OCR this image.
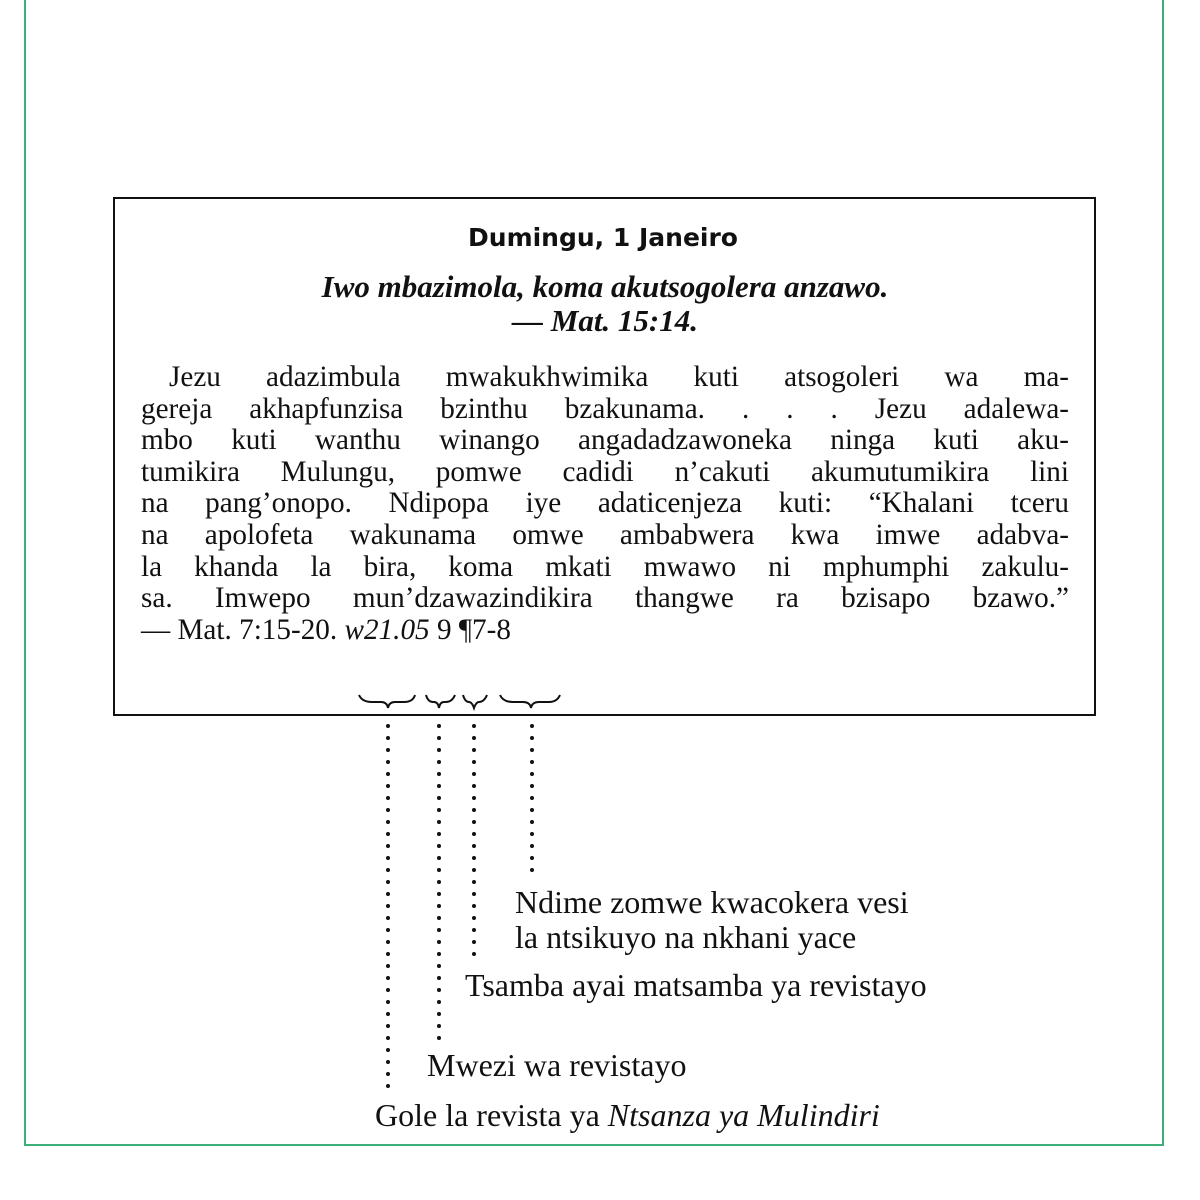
Dumingu, 1 Janeiro
Iwo mbazimola, koma akutsogolera anzawo.
— Mat. 15:14.
Jezu adazimbula mwakukhwimika kuti atsogoleri wa ma-
gereja akhapfunzisa bzinthu bzakunama. . . . Jezu adalewa-
mbo kuti wanthu winango angadadzawoneka ninga kuti aku-
tumikira Mulungu, pomwe cadidi n’cakuti akumutumikira lini
na pang’onopo. Ndipopa iye adaticenjeza kuti: “Khalani tceru
na apolofeta wakunama omwe ambabwera kwa imwe adabva-
la khanda la bira, koma mkati mwawo ni mphumphi zakulu-
sa. Imwepo mun’dzawazindikira thangwe ra bzisapo bzawo.”
— Mat. 7:15-20. w21.05 9 ¶7-8
Ndime zomwe kwacokera vesi
la ntsikuyo na nkhani yace
Tsamba ayai matsamba ya revistayo
Mwezi wa revistayo
Gole la revista ya Ntsanza ya Mulindiri
